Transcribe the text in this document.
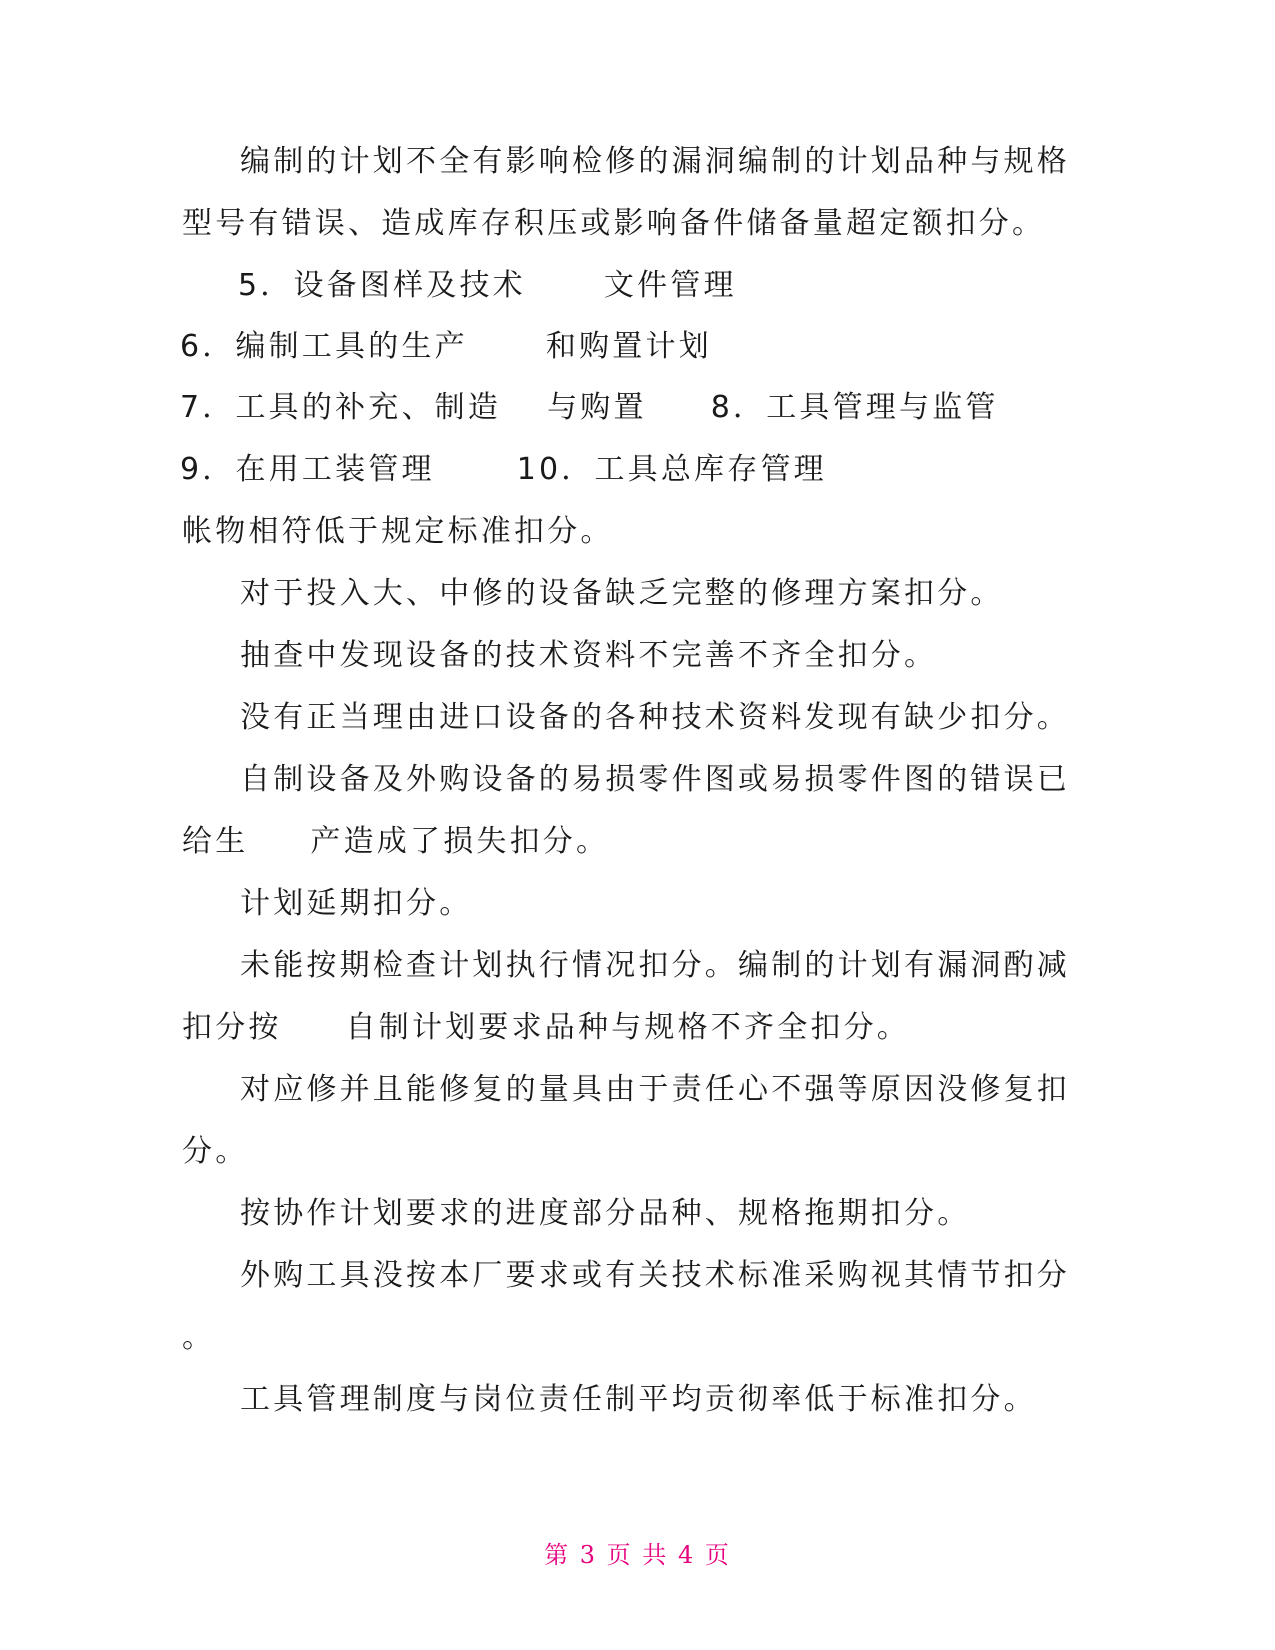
编制的计划不全有影响检修的漏洞编制的计划品种与规格

型号有错误、造成库存积压或影响备件储备量超定额扣分。

5．设备图样及技术	文件管理

6．编制工具的生产	和购置计划

7．工具的补充、制造 与购置 8．工具管理与监管

9．在用工装管理	10．工具总库存管理

帐物相符低于规定标准扣分。

对于投入大、中修的设备缺乏完整的修理方案扣分。

抽查中发现设备的技术资料不完善不齐全扣分。

没有正当理由进口设备的各种技术资料发现有缺少扣分。

自制设备及外购设备的易损零件图或易损零件图的错误已

给生 产造成了损失扣分。

计划延期扣分。

未能按期检查计划执行情况扣分。编制的计划有漏洞酌减

扣分按 自制计划要求品种与规格不齐全扣分。

对应修并且能修复的量具由于责任心不强等原因没修复扣

分。

按协作计划要求的进度部分品种、规格拖期扣分。

外购工具没按本厂要求或有关技术标准采购视其情节扣分

。

工具管理制度与岗位责任制平均贡彻率低于标准扣分。

第 3 页 共 4 页
